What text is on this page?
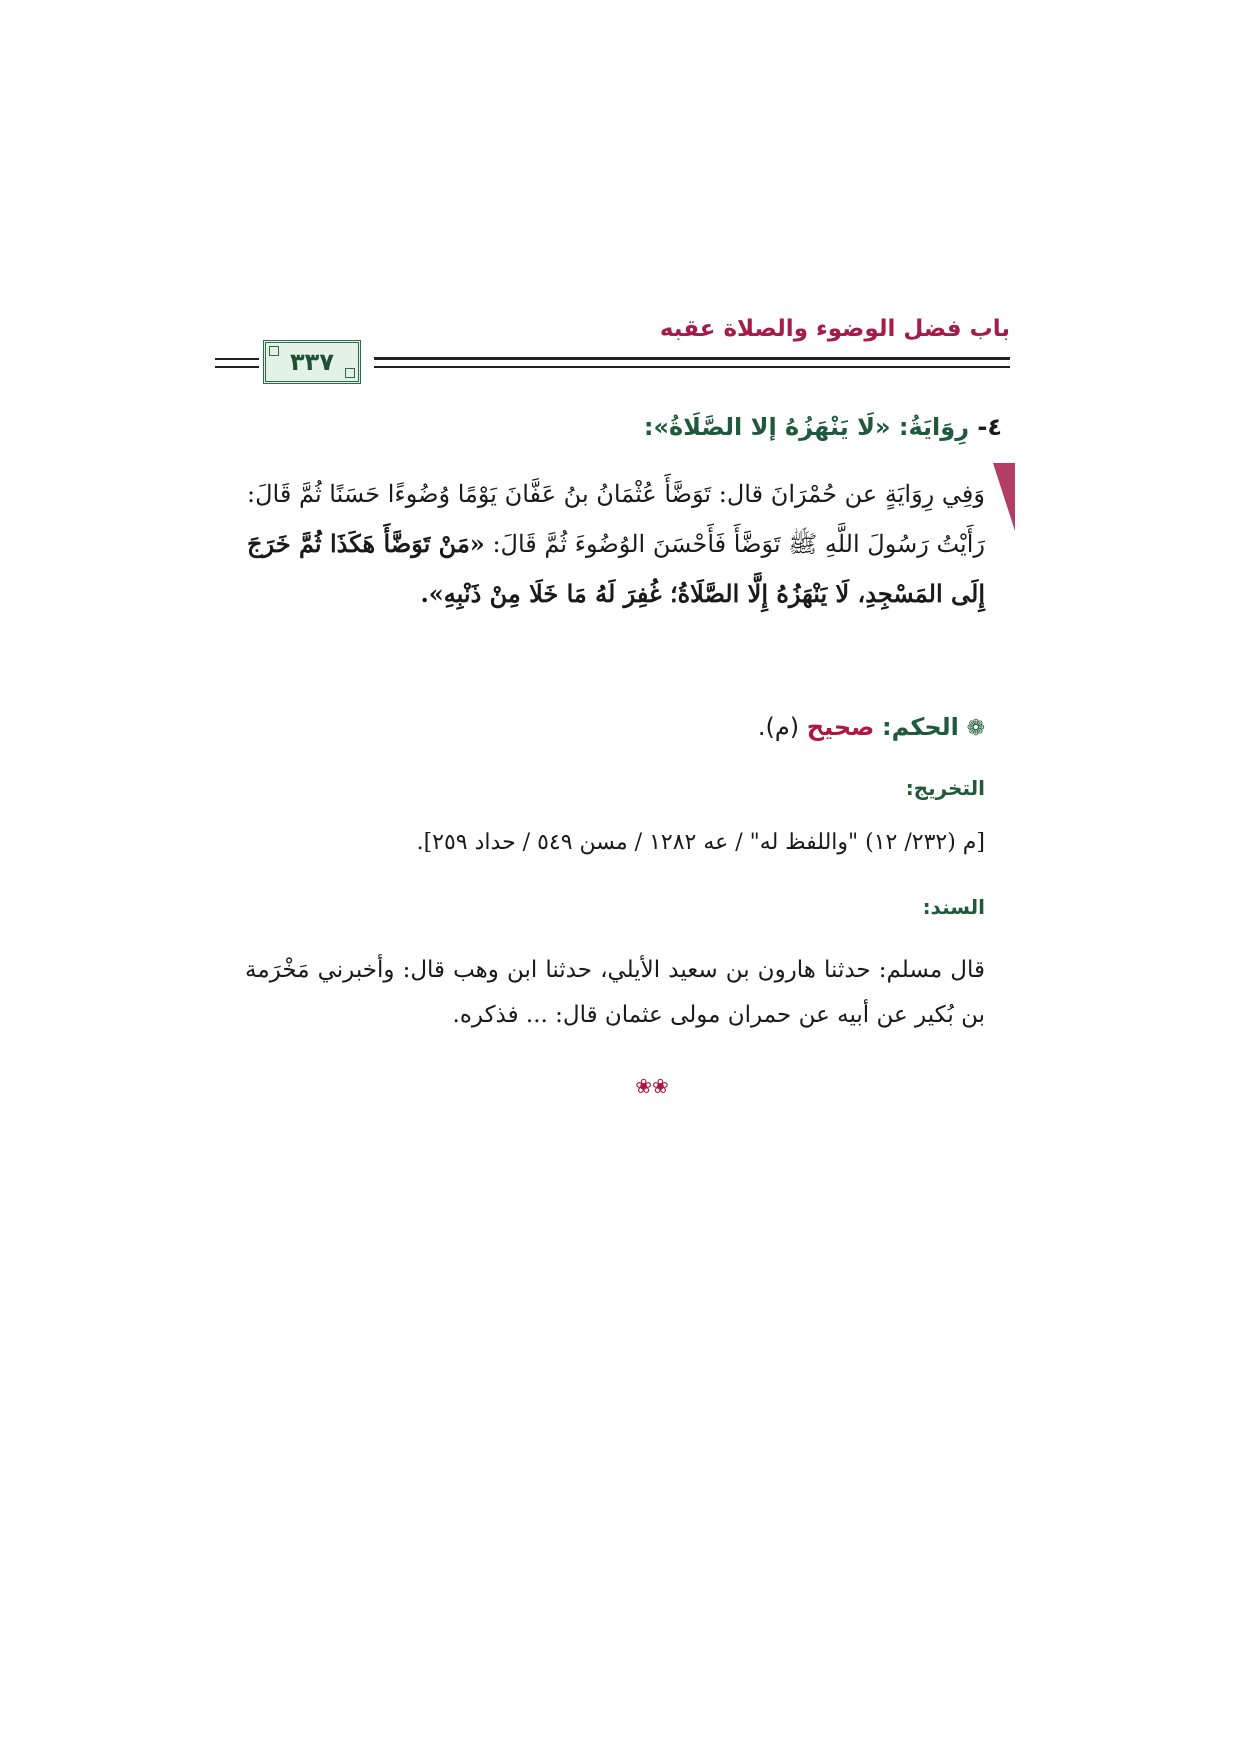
باب فضل الوضوء والصلاة عقبه
٣٣٧
٤- رِوَايَةُ: «لَا يَنْهَزُهُ إلا الصَّلَاةُ»:
وَفِي رِوَايَةٍ عن حُمْرَانَ قال: تَوَضَّأَ عُثْمَانُ بنُ عَفَّانَ يَوْمًا وُضُوءًا حَسَنًا ثُمَّ قَالَ: رَأَيْتُ رَسُولَ اللَّهِ ﷺ تَوَضَّأَ فَأَحْسَنَ الوُضُوءَ ثُمَّ قَالَ: «مَنْ تَوَضَّأَ هَكَذَا ثُمَّ خَرَجَ إِلَى المَسْجِدِ، لَا يَنْهَزُهُ إِلَّا الصَّلَاةُ؛ غُفِرَ لَهُ مَا خَلَا مِنْ ذَنْبِهِ».
❁ الحكم: صحيح (م).
التخريج:
[م (٢٣٢/ ١٢) "واللفظ له" / عه ١٢٨٢ / مسن ٥٤٩ / حداد ٢٥٩].
السند:
قال مسلم: حدثنا هارون بن سعيد الأيلي، حدثنا ابن وهب قال: وأخبرني مَخْرَمة بن بُكير عن أبيه عن حمران مولى عثمان قال: ... فذكره.
❀❀
